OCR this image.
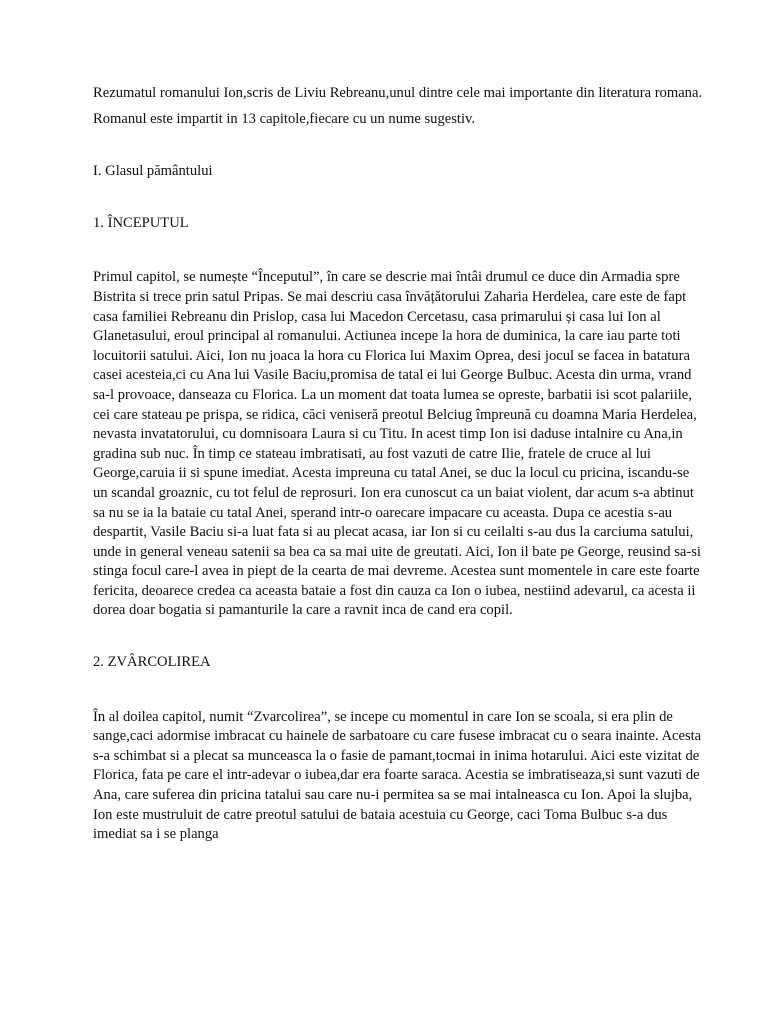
Rezumatul romanului Ion,scris de Liviu Rebreanu,unul dintre cele mai importante din literatura romana.

Romanul este impartit in 13 capitole,fiecare cu un nume sugestiv.

I. Glasul pământului

1. ÎNCEPUTUL

Primul capitol, se numește “Începutul”, în care se descrie mai întâi drumul ce duce din Armadia spre Bistrita si trece prin satul Pripas. Se mai descriu casa învățătorului Zaharia Herdelea, care este de fapt casa familiei Rebreanu din Prislop, casa lui Macedon Cercetasu, casa primarului și casa lui Ion al Glanetasului, eroul principal al romanului. Actiunea incepe la hora de duminica, la care iau parte toti locuitorii satului. Aici, Ion nu joaca la hora cu Florica lui Maxim Oprea, desi jocul se facea in batatura casei acesteia,ci cu Ana lui Vasile Baciu,promisa de tatal ei lui George Bulbuc. Acesta din urma, vrand sa-l provoace, danseaza cu Florica. La un moment dat toata lumea se opreste, barbatii isi scot palariile, cei care stateau pe prispa, se ridica, căci veniseră preotul Belciug împreună cu doamna Maria Herdelea, nevasta invatatorului, cu domnisoara Laura si cu Titu. In acest timp Ion isi daduse intalnire cu Ana,in gradina sub nuc. În timp ce stateau imbratisati, au fost vazuti de catre Ilie, fratele de cruce al lui George,caruia ii si spune imediat. Acesta impreuna cu tatal Anei, se duc la locul cu pricina, iscandu-se un scandal groaznic, cu tot felul de reprosuri. Ion era cunoscut ca un baiat violent, dar acum s-a abtinut sa nu se ia la bataie cu tatal Anei, sperand intr-o oarecare impacare cu aceasta. Dupa ce acestia s-au despartit, Vasile Baciu si-a luat fata si au plecat acasa, iar Ion si cu ceilalti s-au dus la carciuma satului, unde in general veneau satenii sa bea ca sa mai uite de greutati. Aici, Ion il bate pe George, reusind sa-si stinga focul care-l avea in piept de la cearta de mai devreme. Acestea sunt momentele in care este foarte fericita, deoarece credea ca aceasta bataie a fost din cauza ca Ion o iubea, nestiind adevarul, ca acesta ii dorea doar bogatia si pamanturile la care a ravnit inca de cand era copil.

2. ZVÂRCOLIREA

În al doilea capitol, numit “Zvarcolirea”, se incepe cu momentul in care Ion se scoala, si era plin de sange,caci adormise imbracat cu hainele de sarbatoare cu care fusese imbracat cu o seara inainte. Acesta s-a schimbat si a plecat sa munceasca la o fasie de pamant,tocmai in inima hotarului. Aici este vizitat de Florica, fata pe care el intr-adevar o iubea,dar era foarte saraca. Acestia se imbratiseaza,si sunt vazuti de Ana, care suferea din pricina tatalui sau care nu-i permitea sa se mai intalneasca cu Ion. Apoi la slujba, Ion este mustruluit de catre preotul satului de bataia acestuia cu George, caci Toma Bulbuc s-a dus imediat sa i se planga
